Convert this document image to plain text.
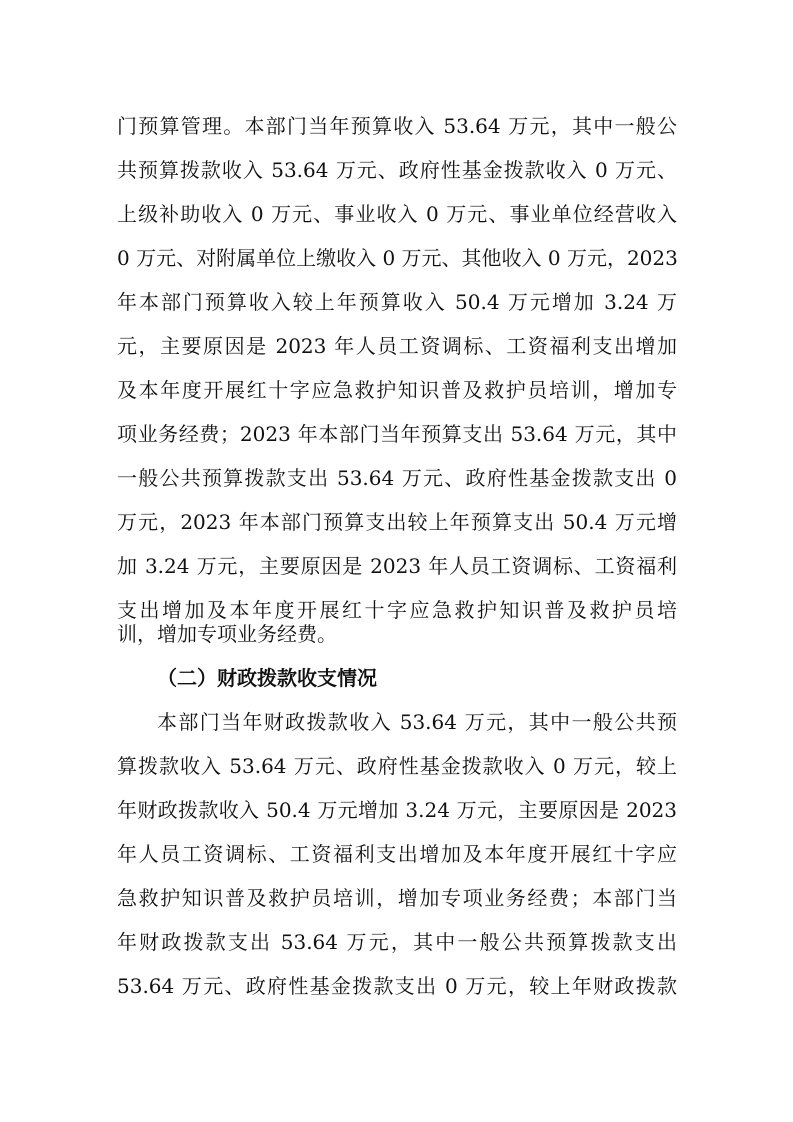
门预算管理。本部门当年预算收入 53.64 万元，其中一般公
共预算拨款收入 53.64 万元、政府性基金拨款收入 0 万元、
上级补助收入 0 万元、事业收入 0 万元、事业单位经营收入
0 万元、对附属单位上缴收入 0 万元、其他收入 0 万元，2023
年本部门预算收入较上年预算收入 50.4 万元增加 3.24 万
元，主要原因是 2023 年人员工资调标、工资福利支出增加
及本年度开展红十字应急救护知识普及救护员培训，增加专
项业务经费；2023 年本部门当年预算支出 53.64 万元，其中
一般公共预算拨款支出 53.64 万元、政府性基金拨款支出 0
万元，2023 年本部门预算支出较上年预算支出 50.4 万元增
加 3.24 万元，主要原因是 2023 年人员工资调标、工资福利
支出增加及本年度开展红十字应急救护知识普及救护员培
训，增加专项业务经费。
（二）财政拨款收支情况
本部门当年财政拨款收入 53.64 万元，其中一般公共预
算拨款收入 53.64 万元、政府性基金拨款收入 0 万元，较上
年财政拨款收入 50.4 万元增加 3.24 万元，主要原因是 2023
年人员工资调标、工资福利支出增加及本年度开展红十字应
急救护知识普及救护员培训，增加专项业务经费；本部门当
年财政拨款支出 53.64 万元，其中一般公共预算拨款支出
53.64 万元、政府性基金拨款支出 0 万元，较上年财政拨款
